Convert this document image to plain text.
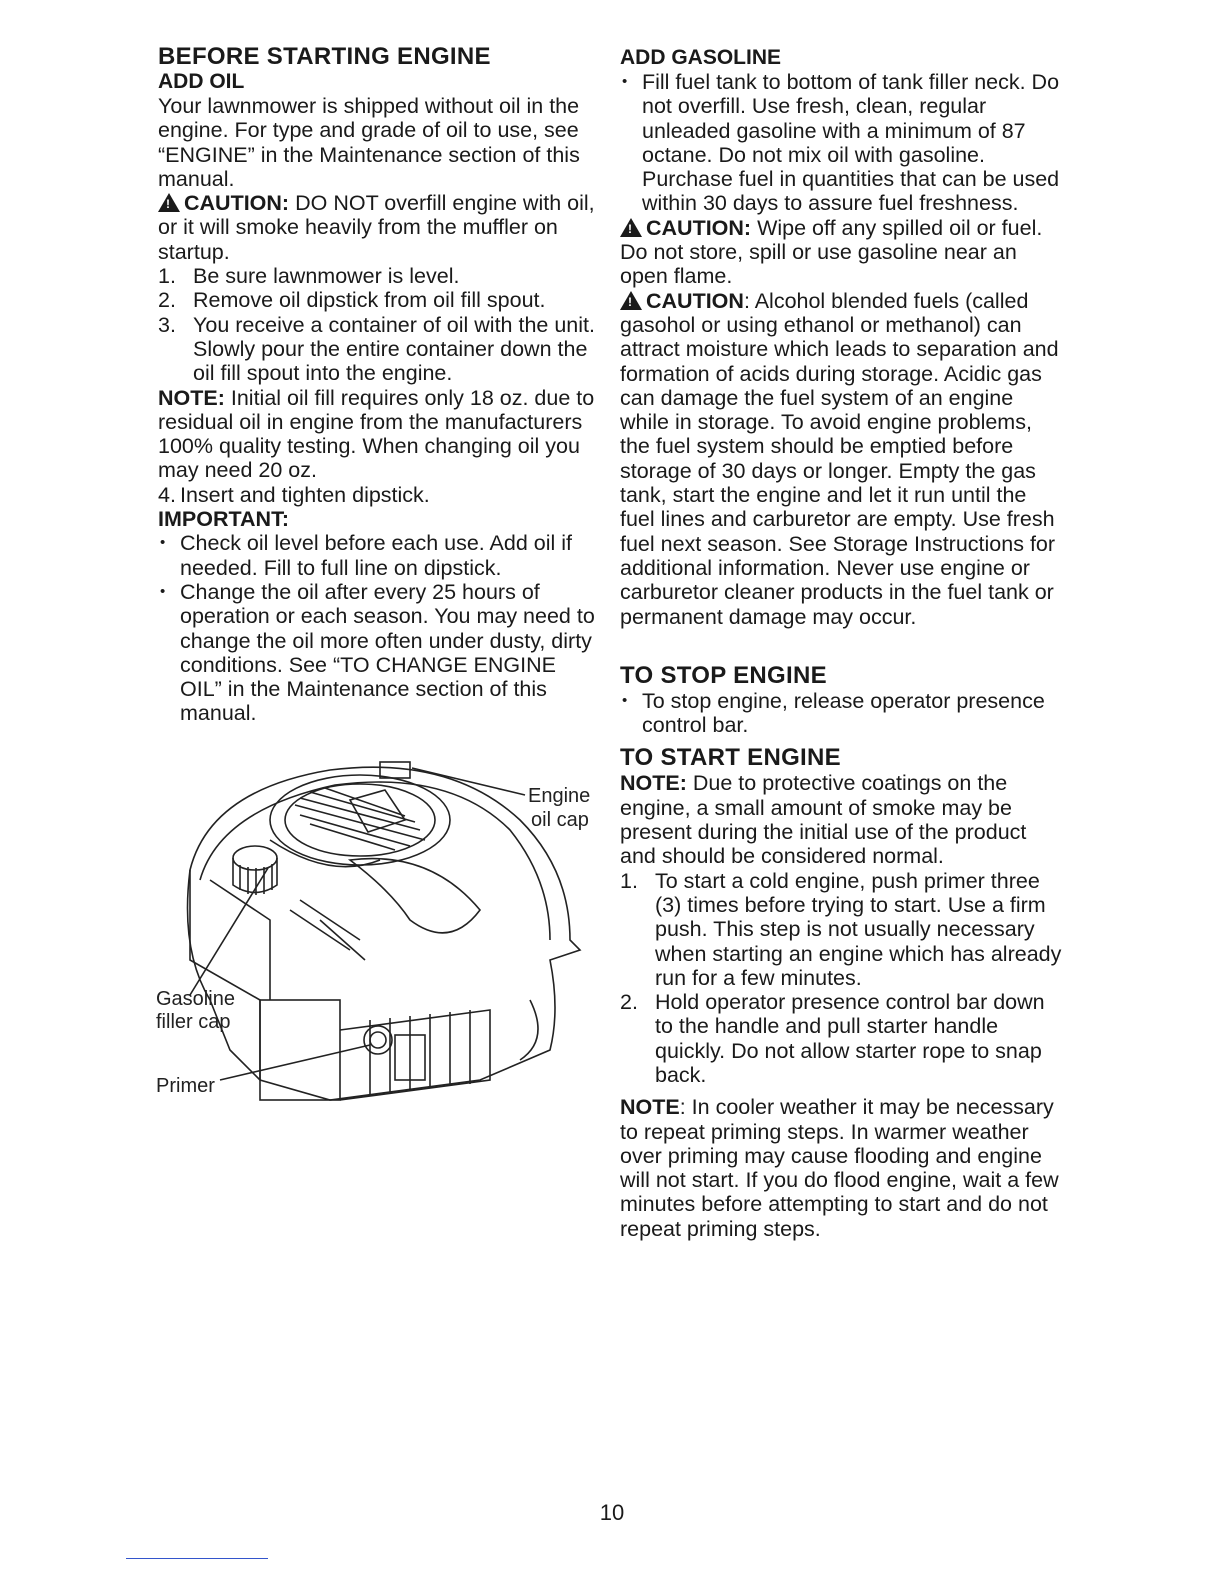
BEFORE STARTING ENGINE
ADD OIL

Your lawnmower is shipped without oil in the engine. For type and grade of oil to use, see “ENGINE” in the Maintenance section of this manual.

!CAUTION: DO NOT overfill engine with oil, or it will smoke heavily from the muffler on startup.

1. Be sure lawnmower is level.
2. Remove oil dipstick from oil fill spout.
3. You receive a container of oil with the unit. Slowly pour the entire container down the oil fill spout into the engine.

NOTE: Initial oil fill requires only 18 oz. due to residual oil in engine from the manufacturers 100% quality testing. When changing oil you may need 20 oz.

4. Insert and tighten dipstick.
IMPORTANT:
• Check oil level before each use. Add oil if needed. Fill to full line on dipstick.
• Change the oil after every 25 hours of operation or each season. You may need to change the oil more often under dusty, dirty conditions. See “TO CHANGE ENGINE OIL” in the Maintenance section of this manual.
Engine
oil cap
Gasoline
filler cap
Primer
ADD GASOLINE
• Fill fuel tank to bottom of tank filler neck. Do not overfill. Use fresh, clean, regular unleaded gasoline with a minimum of 87 octane. Do not mix oil with gasoline. Purchase fuel in quantities that can be used within 30 days to assure fuel freshness.

!CAUTION: Wipe off any spilled oil or fuel. Do not store, spill or use gasoline near an open flame.

!CAUTION: Alcohol blended fuels (called gasohol or using ethanol or methanol) can attract moisture which leads to separation and formation of acids during storage. Acidic gas can damage the fuel system of an engine while in storage. To avoid engine problems, the fuel system should be emptied before storage of 30 days or longer. Empty the gas tank, start the engine and let it run until the fuel lines and carburetor are empty. Use fresh fuel next season. See Storage Instructions for additional information. Never use engine or carburetor cleaner products in the fuel tank or permanent damage may occur.

TO STOP ENGINE
• To stop engine, release operator presence control bar.
TO START ENGINE

NOTE: Due to protective coatings on the engine, a small amount of smoke may be present during the initial use of the product and should be considered normal.

1. To start a cold engine, push primer three (3) times before trying to start. Use a firm push. This step is not usually necessary when starting an engine which has already run for a few minutes.
2. Hold operator presence control bar down to the handle and pull starter handle quickly. Do not allow starter rope to snap back.

NOTE: In cooler weather it may be necessary to repeat priming steps. In warmer weather over priming may cause flooding and engine will not start. If you do flood engine, wait a few minutes before attempting to start and do not repeat priming steps.

10
